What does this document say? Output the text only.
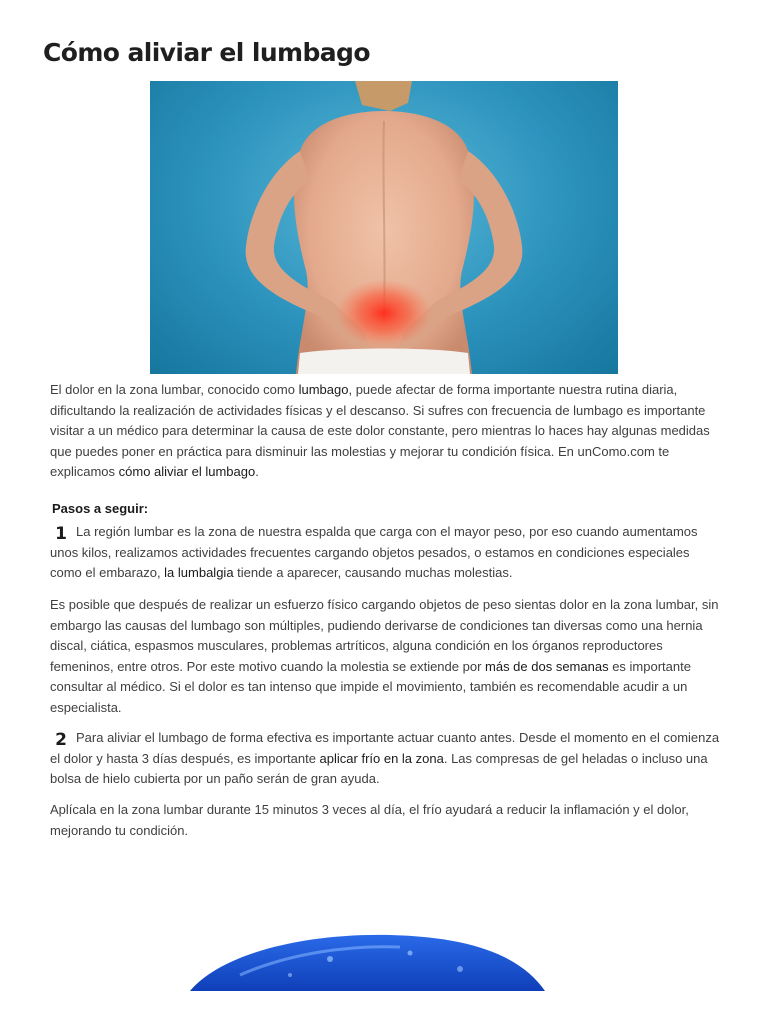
Cómo aliviar el lumbago

El dolor en la zona lumbar, conocido como lumbago, puede afectar de forma importante nuestra rutina diaria, dificultando la realización de actividades físicas y el descanso. Si sufres con frecuencia de lumbago es importante visitar a un médico para determinar la causa de este dolor constante, pero mientras lo haces hay algunas medidas que puedes poner en práctica para disminuir las molestias y mejorar tu condición física. En unComo.com te explicamos cómo aliviar el lumbago.

Pasos a seguir:

1 La región lumbar es la zona de nuestra espalda que carga con el mayor peso, por eso cuando aumentamos unos kilos, realizamos actividades frecuentes cargando objetos pesados, o estamos en condiciones especiales como el embarazo, la lumbalgia tiende a aparecer, causando muchas molestias.

Es posible que después de realizar un esfuerzo físico cargando objetos de peso sientas dolor en la zona lumbar, sin embargo las causas del lumbago son múltiples, pudiendo derivarse de condiciones tan diversas como una hernia discal, ciática, espasmos musculares, problemas artríticos, alguna condición en los órganos reproductores femeninos, entre otros. Por este motivo cuando la molestia se extiende por más de dos semanas es importante consultar al médico. Si el dolor es tan intenso que impide el movimiento, también es recomendable acudir a un especialista.

2 Para aliviar el lumbago de forma efectiva es importante actuar cuanto antes. Desde el momento en el comienza el dolor y hasta 3 días después, es importante aplicar frío en la zona. Las compresas de gel heladas o incluso una bolsa de hielo cubierta por un paño serán de gran ayuda.

Aplícala en la zona lumbar durante 15 minutos 3 veces al día, el frío ayudará a reducir la inflamación y el dolor, mejorando tu condición.
